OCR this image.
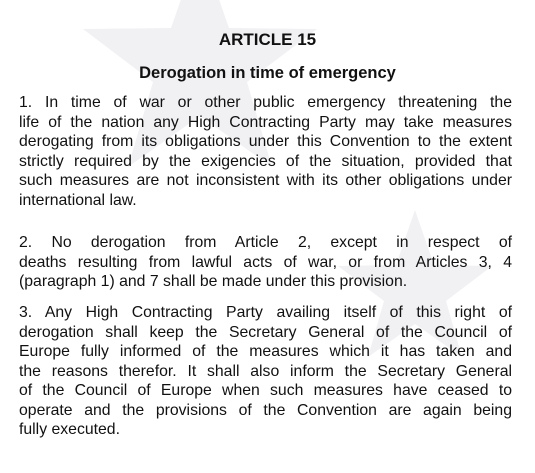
ARTICLE 15
Derogation in time of emergency
1. In time of war or other public emergency threatening the
life of the nation any High Contracting Party may take measures
derogating from its obligations under this Convention to the extent
strictly required by the exigencies of the situation, provided that
such measures are not inconsistent with its other obligations under
international law.
2. No derogation from Article 2, except in respect of
deaths resulting from lawful acts of war, or from Articles 3, 4
(paragraph 1) and 7 shall be made under this provision.
3. Any High Contracting Party availing itself of this right of
derogation shall keep the Secretary General of the Council of
Europe fully informed of the measures which it has taken and
the reasons therefor. It shall also inform the Secretary General
of the Council of Europe when such measures have ceased to
operate and the provisions of the Convention are again being
fully executed.
